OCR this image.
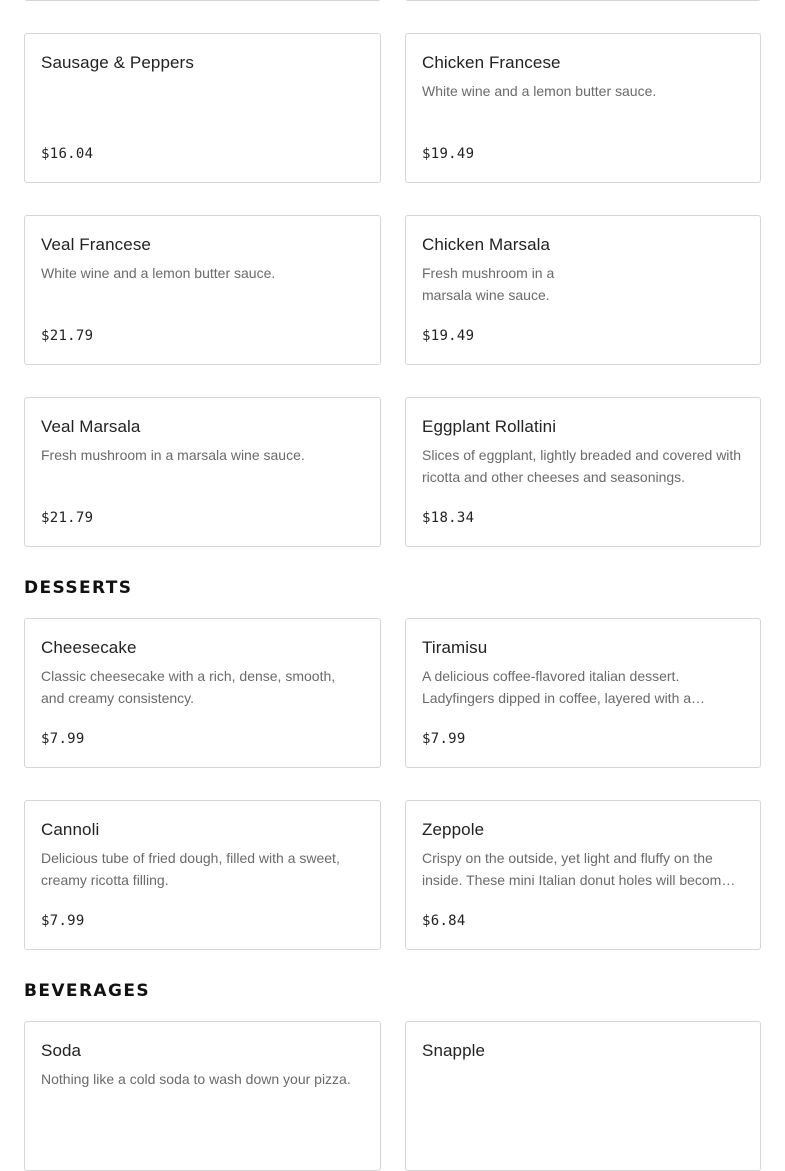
Sausage & Peppers
$16.04
Chicken Francese
White wine and a lemon butter sauce.
$19.49
Veal Francese
White wine and a lemon butter sauce.
$21.79
Chicken Marsala
Fresh mushroom in a marsala wine sauce.
$19.49
Veal Marsala
Fresh mushroom in a marsala wine sauce.
$21.79
Eggplant Rollatini
Slices of eggplant, lightly breaded and covered with ricotta and other cheeses and seasonings.
$18.34
DESSERTS
Cheesecake
Classic cheesecake with a rich, dense, smooth, and creamy consistency.
$7.99
Tiramisu
A delicious coffee-flavored italian dessert. Ladyfingers dipped in coffee, layered with a
$7.99
Cannoli
Delicious tube of fried dough, filled with a sweet, creamy ricotta filling.
$7.99
Zeppole
Crispy on the outside, yet light and fluffy on the inside. These mini Italian donut holes will become
$6.84
BEVERAGES
Soda
Nothing like a cold soda to wash down your pizza.
Snapple
